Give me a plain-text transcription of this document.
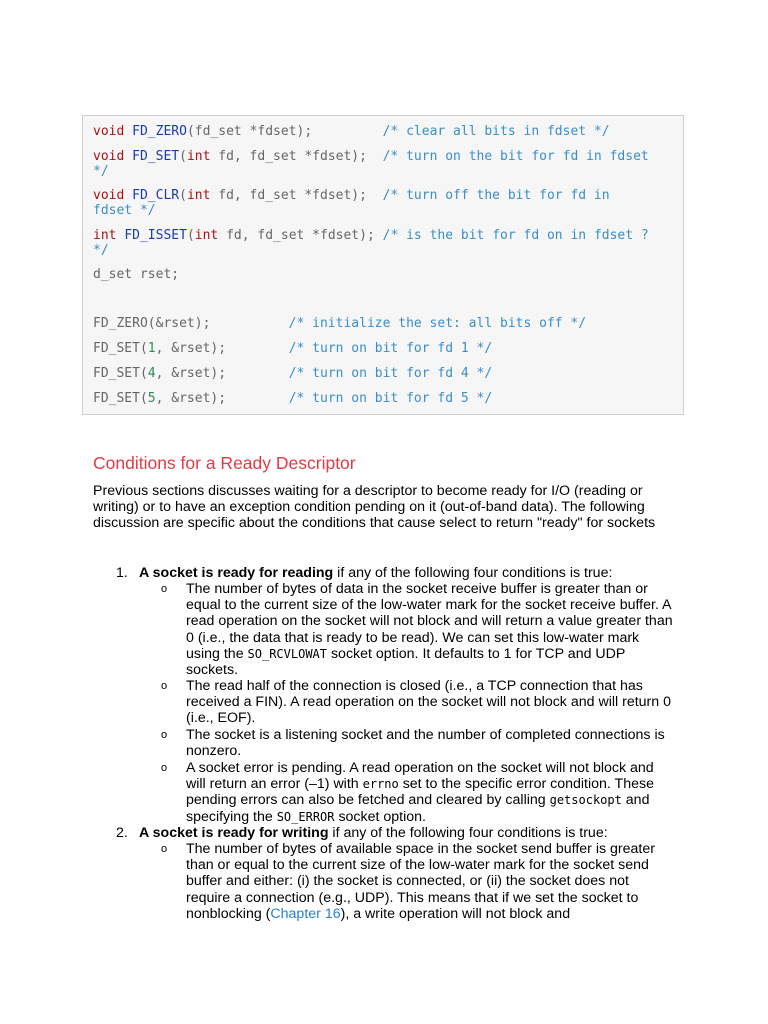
void FD_ZERO(fd_set *fdset);         /* clear all bits in fdset */
void FD_SET(int fd, fd_set *fdset);  /* turn on the bit for fd in fdset
*/
void FD_CLR(int fd, fd_set *fdset);  /* turn off the bit for fd in
fdset */
int FD_ISSET(int fd, fd_set *fdset); /* is the bit for fd on in fdset ?
*/
d_set rset;
FD_ZERO(&rset);          /* initialize the set: all bits off */
FD_SET(1, &rset);        /* turn on bit for fd 1 */
FD_SET(4, &rset);        /* turn on bit for fd 4 */
FD_SET(5, &rset);        /* turn on bit for fd 5 */
Conditions for a Ready Descriptor

Previous sections discusses waiting for a descriptor to become ready for I/O (reading or writing) or to have an exception condition pending on it (out-of-band data). The following discussion are specific about the conditions that cause select to return "ready" for sockets

1. A socket is ready for reading if any of the following four conditions is true:

o The number of bytes of data in the socket receive buffer is greater than or equal to the current size of the low-water mark for the socket receive buffer. A read operation on the socket will not block and will return a value greater than 0 (i.e., the data that is ready to be read). We can set this low-water mark using the SO_RCVLOWAT socket option. It defaults to 1 for TCP and UDP sockets.

o The read half of the connection is closed (i.e., a TCP connection that has received a FIN). A read operation on the socket will not block and will return 0 (i.e., EOF).

o The socket is a listening socket and the number of completed connections is nonzero.

o A socket error is pending. A read operation on the socket will not block and will return an error (–1) with errno set to the specific error condition. These pending errors can also be fetched and cleared by calling getsockopt and specifying the SO_ERROR socket option.

2. A socket is ready for writing if any of the following four conditions is true:

o The number of bytes of available space in the socket send buffer is greater than or equal to the current size of the low-water mark for the socket send buffer and either: (i) the socket is connected, or (ii) the socket does not require a connection (e.g., UDP). This means that if we set the socket to nonblocking (Chapter 16), a write operation will not block and
